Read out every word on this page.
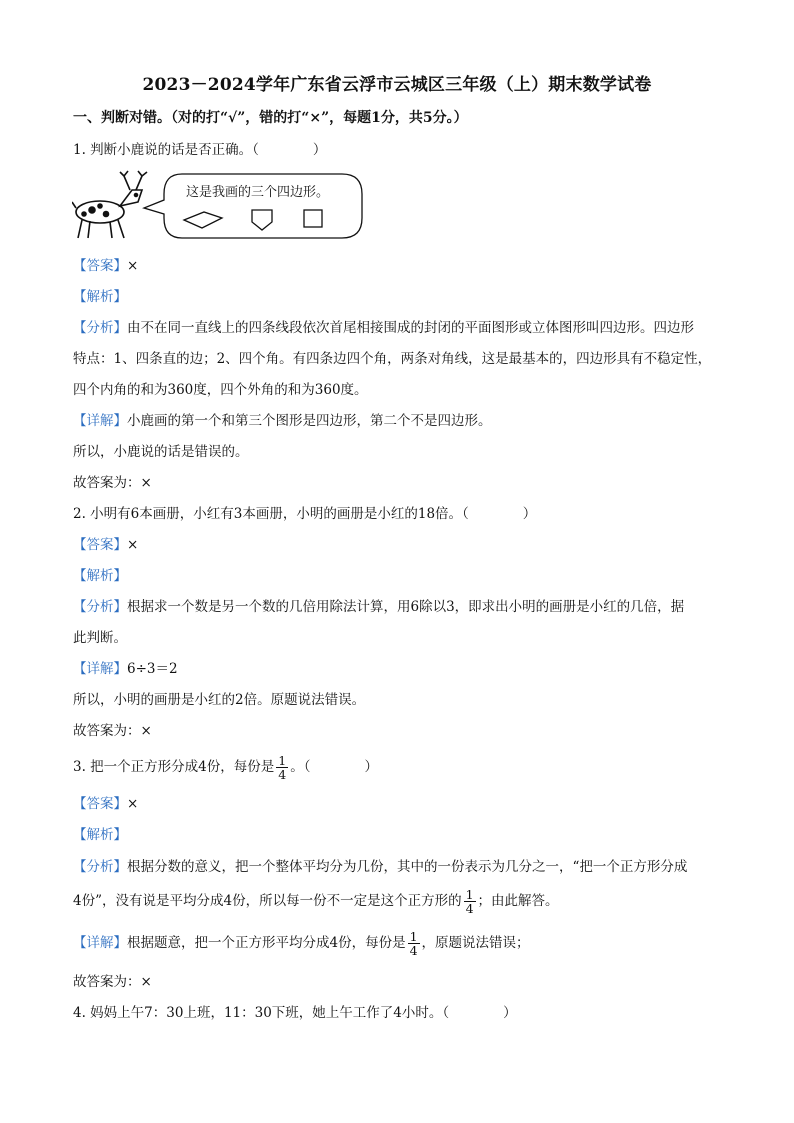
2023－2024学年广东省云浮市云城区三年级（上）期末数学试卷
一、判断对错。（对的打“√”，错的打“×”，每题1分，共5分。）
1. 判断小鹿说的话是否正确。（　　　　）
这是我画的三个四边形。
【答案】×
【解析】
【分析】由不在同一直线上的四条线段依次首尾相接围成的封闭的平面图形或立体图形叫四边形。四边形
特点：1、四条直的边；2、四个角。有四条边四个角，两条对角线，这是最基本的，四边形具有不稳定性，
四个内角的和为360度，四个外角的和为360度。
【详解】小鹿画的第一个和第三个图形是四边形，第二个不是四边形。
所以，小鹿说的话是错误的。
故答案为：×
2. 小明有6本画册，小红有3本画册，小明的画册是小红的18倍。（　　　　）
【答案】×
【解析】
【分析】根据求一个数是另一个数的几倍用除法计算，用6除以3，即求出小明的画册是小红的几倍，据
此判断。
【详解】6÷3＝2
所以，小明的画册是小红的2倍。原题说法错误。
故答案为：×
3. 把一个正方形分成4份，每份是 $\frac{1}{4}$ 。（　　　　）
【答案】×
【解析】
【分析】根据分数的意义，把一个整体平均分为几份，其中的一份表示为几分之一，“把一个正方形分成
4份”，没有说是平均分成4份，所以每一份不一定是这个正方形的 $\frac{1}{4}$ ；由此解答。
【详解】根据题意，把一个正方形平均分成4份，每份是 $\frac{1}{4}$ ，原题说法错误；
故答案为：×
4. 妈妈上午7：30上班，11：30下班，她上午工作了4小时。（　　　　）
